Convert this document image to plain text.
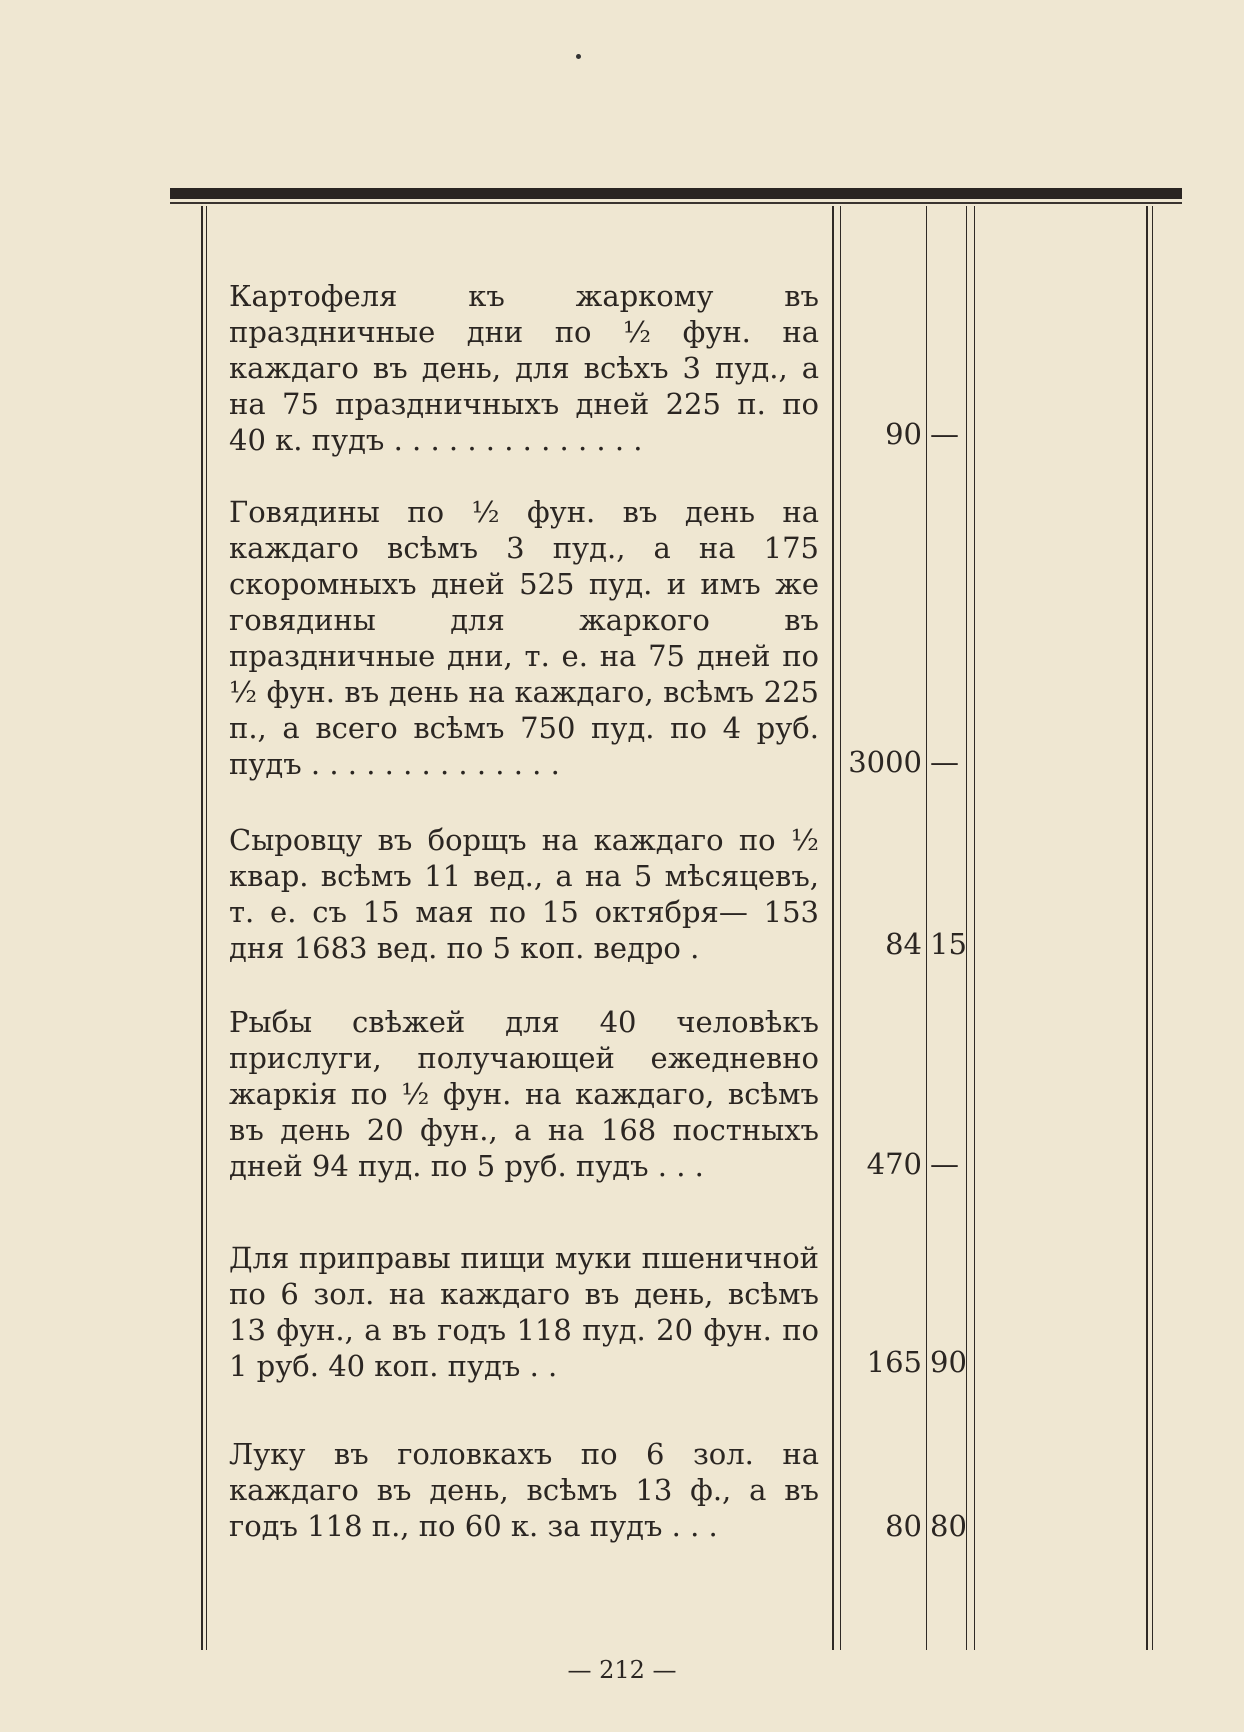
Картофеля къ жаркому въ праздничные дни по ½ фун. на каждаго въ день, для всѣхъ 3 пуд., а на 75 праздничныхъ дней 225 п. по 40 к. пудъ . . . . . . . . . . . . . .	90 —

Говядины по ½ фун. въ день на каждаго всѣмъ 3 пуд., а на 175 скоромныхъ дней 525 пуд. и имъ же говядины для жаркого въ праздничные дни, т. е. на 75 дней по ½ фун. въ день на каждаго, всѣмъ 225 п., а всего всѣмъ 750 пуд. по 4 руб. пудъ . . . . . . . . . . . . . .	3000 —

Сыровцу въ борщъ на каждаго по ½ квар. всѣмъ 11 вед., а на 5 мѣсяцевъ, т. е. съ 15 мая по 15 октября— 153 дня 1683 вед. по 5 коп. ведро .	84 15

Рыбы свѣжей для 40 человѣкъ прислуги, получающей ежедневно жаркія по ½ фун. на каждаго, всѣмъ въ день 20 фун., а на 168 постныхъ дней 94 пуд. по 5 руб. пудъ . . .	470 —

Для приправы пищи муки пшеничной по 6 зол. на каждаго въ день, всѣмъ 13 фун., а въ годъ 118 пуд. 20 фун. по 1 руб. 40 коп. пудъ . .	165 90

Луку въ головкахъ по 6 зол. на каждаго въ день, всѣмъ 13 ф., а въ годъ 118 п., по 60 к. за пудъ . . .	80 80
— 212 —
